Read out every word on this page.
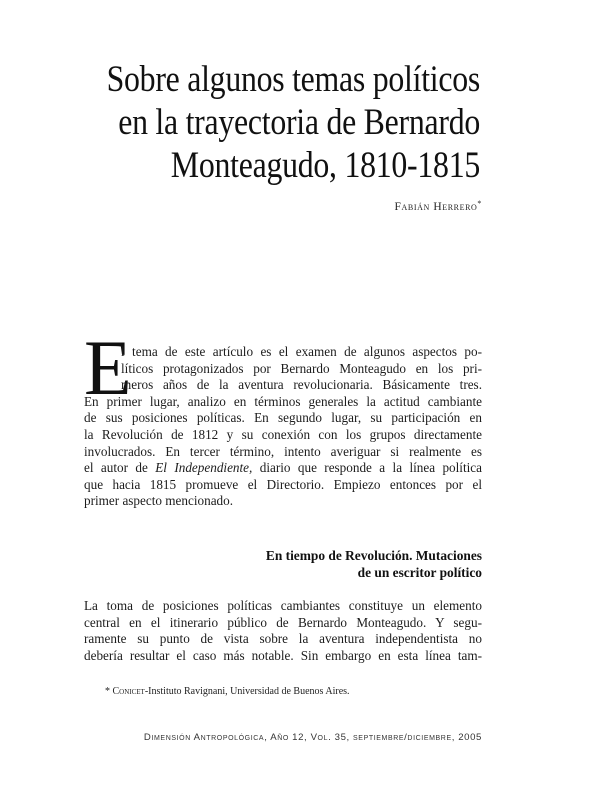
Sobre algunos temas políticos
en la trayectoria de Bernardo
Monteagudo, 1810-1815
Fabián Herrero*
E
l tema de este artículo es el examen de algunos aspectos po-
líticos protagonizados por Bernardo Monteagudo en los pri-
meros años de la aventura revolucionaria. Básicamente tres.
En primer lugar, analizo en términos generales la actitud cambiante
de sus posiciones políticas. En segundo lugar, su participación en
la Revolución de 1812 y su conexión con los grupos directamente
involucrados. En tercer término, intento averiguar si realmente es
el autor de El Independiente, diario que responde a la línea política
que hacia 1815 promueve el Directorio. Empiezo entonces por el
primer aspecto mencionado.
En tiempo de Revolución. Mutaciones
de un escritor político
La toma de posiciones políticas cambiantes constituye un elemento
central en el itinerario público de Bernardo Monteagudo. Y segu-
ramente su punto de vista sobre la aventura independentista no
debería resultar el caso más notable. Sin embargo en esta línea tam-
* Conicet-Instituto Ravignani, Universidad de Buenos Aires.
Dimensión Antropológica, Año 12, Vol. 35, septiembre/diciembre, 2005
